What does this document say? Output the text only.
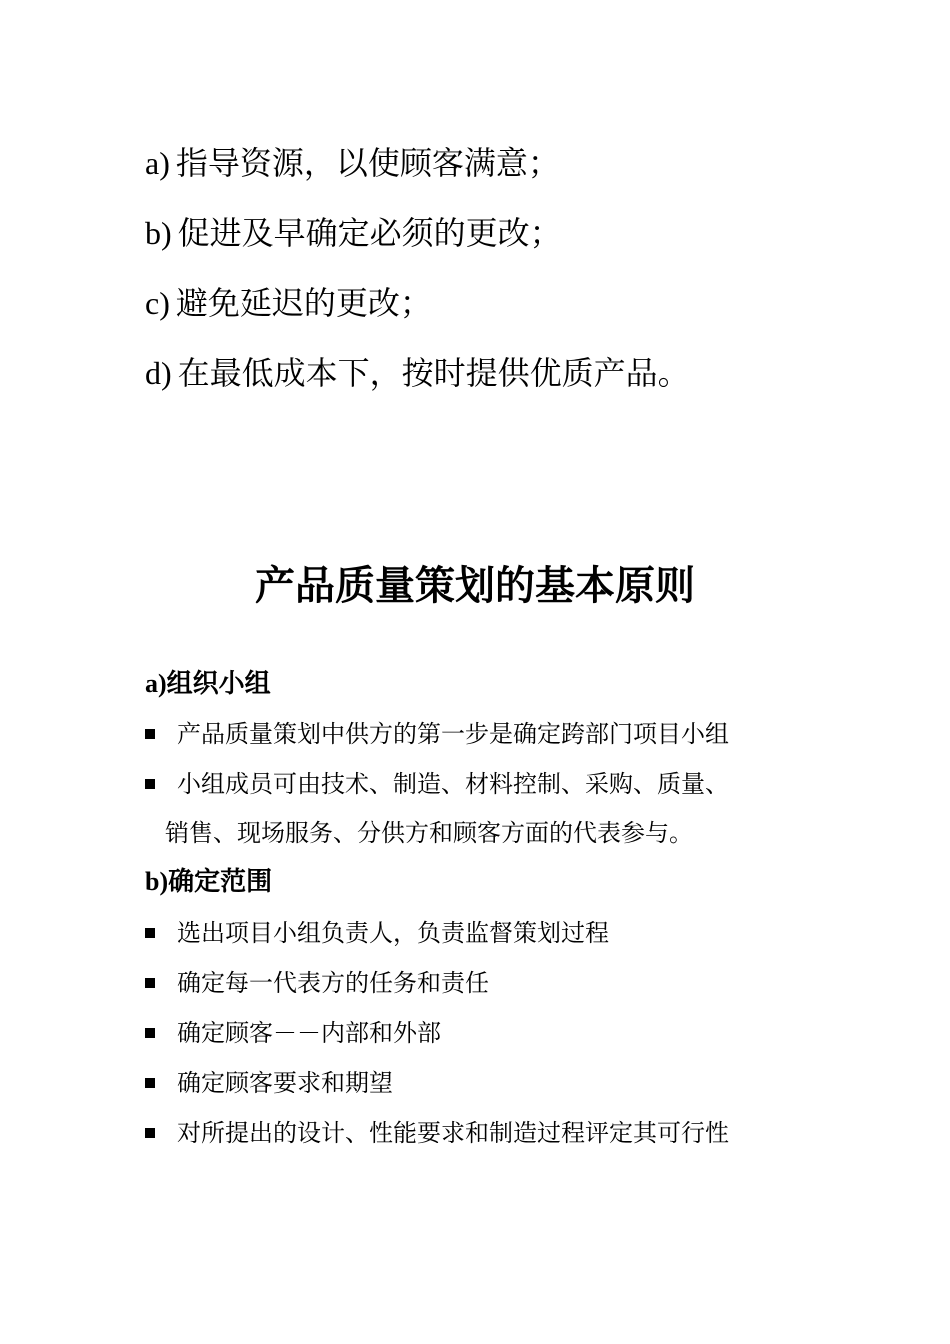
a) 指导资源，以使顾客满意；
b) 促进及早确定必须的更改；
c) 避免延迟的更改；
d) 在最低成本下，按时提供优质产品。
产品质量策划的基本原则
a)组织小组
产品质量策划中供方的第一步是确定跨部门项目小组
小组成员可由技术、制造、材料控制、采购、质量、
销售、现场服务、分供方和顾客方面的代表参与。
b)确定范围
选出项目小组负责人，负责监督策划过程
确定每一代表方的任务和责任
确定顾客－－内部和外部
确定顾客要求和期望
对所提出的设计、性能要求和制造过程评定其可行性
